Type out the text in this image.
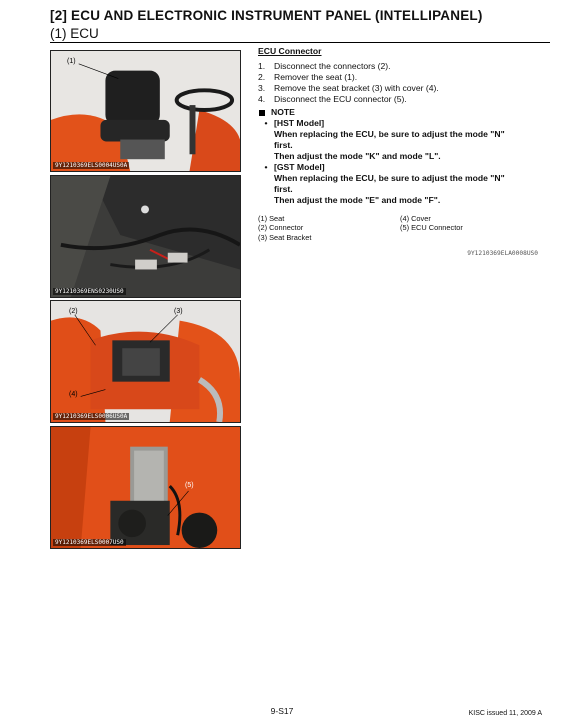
[2] ECU AND ELECTRONIC INSTRUMENT PANEL (INTELLIPANEL)
(1) ECU
(1)
9Y1210369ELS0004US0A
9Y1210369ENS0230US0
(2)	(3)
(4)
9Y1210369ELS0006US0A
(5)
9Y1210369ELS0007US0
ECU Connector
1.	Disconnect the connectors (2).
2.	Remover the seat (1).
3.	Remove the seat bracket (3) with cover (4).
4.	Disconnect the ECU connector (5).
NOTE
• [HST Model]
When replacing the ECU, be sure to adjust the mode "N"
first.
Then adjust the mode "K" and mode "L".
• [GST Model]
When replacing the ECU, be sure to adjust the mode "N"
first.
Then adjust the mode "E" and mode "F".
(1) Seat	(4) Cover
(2) Connector	(5) ECU Connector
(3) Seat Bracket
9Y1210369ELA0008US0
9-S17	KISC issued 11, 2009 A
